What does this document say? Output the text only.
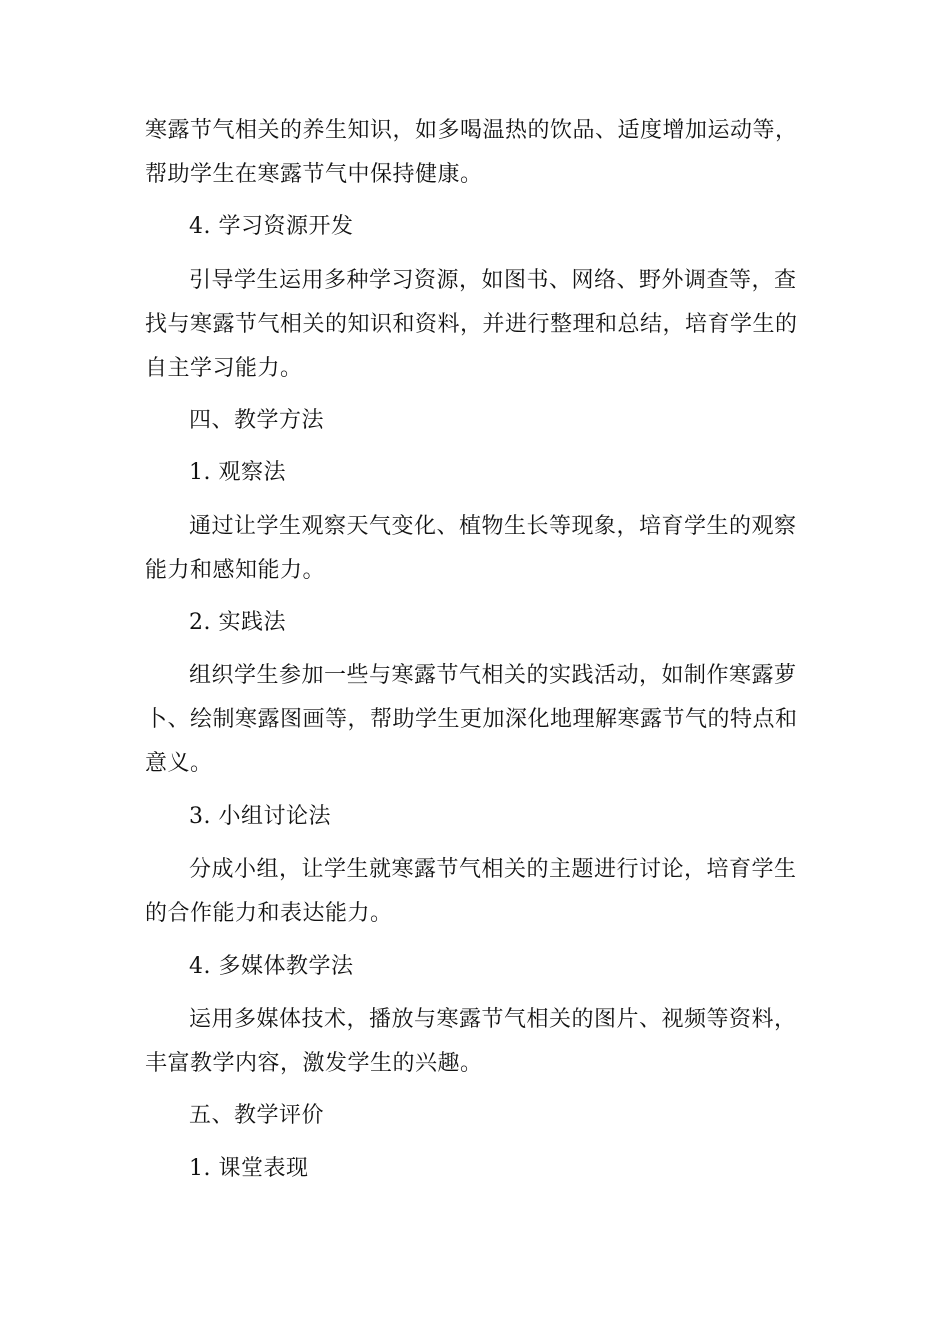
寒露节气相关的养生知识，如多喝温热的饮品、适度增加运动等，
帮助学生在寒露节气中保持健康。
4. 学习资源开发
引导学生运用多种学习资源，如图书、网络、野外调查等，查
找与寒露节气相关的知识和资料，并进行整理和总结，培育学生的
自主学习能力。
四、教学方法
1. 观察法
通过让学生观察天气变化、植物生长等现象，培育学生的观察
能力和感知能力。
2. 实践法
组织学生参加一些与寒露节气相关的实践活动，如制作寒露萝
卜、绘制寒露图画等，帮助学生更加深化地理解寒露节气的特点和
意义。
3. 小组讨论法
分成小组，让学生就寒露节气相关的主题进行讨论，培育学生
的合作能力和表达能力。
4. 多媒体教学法
运用多媒体技术，播放与寒露节气相关的图片、视频等资料，
丰富教学内容，激发学生的兴趣。
五、教学评价
1. 课堂表现
